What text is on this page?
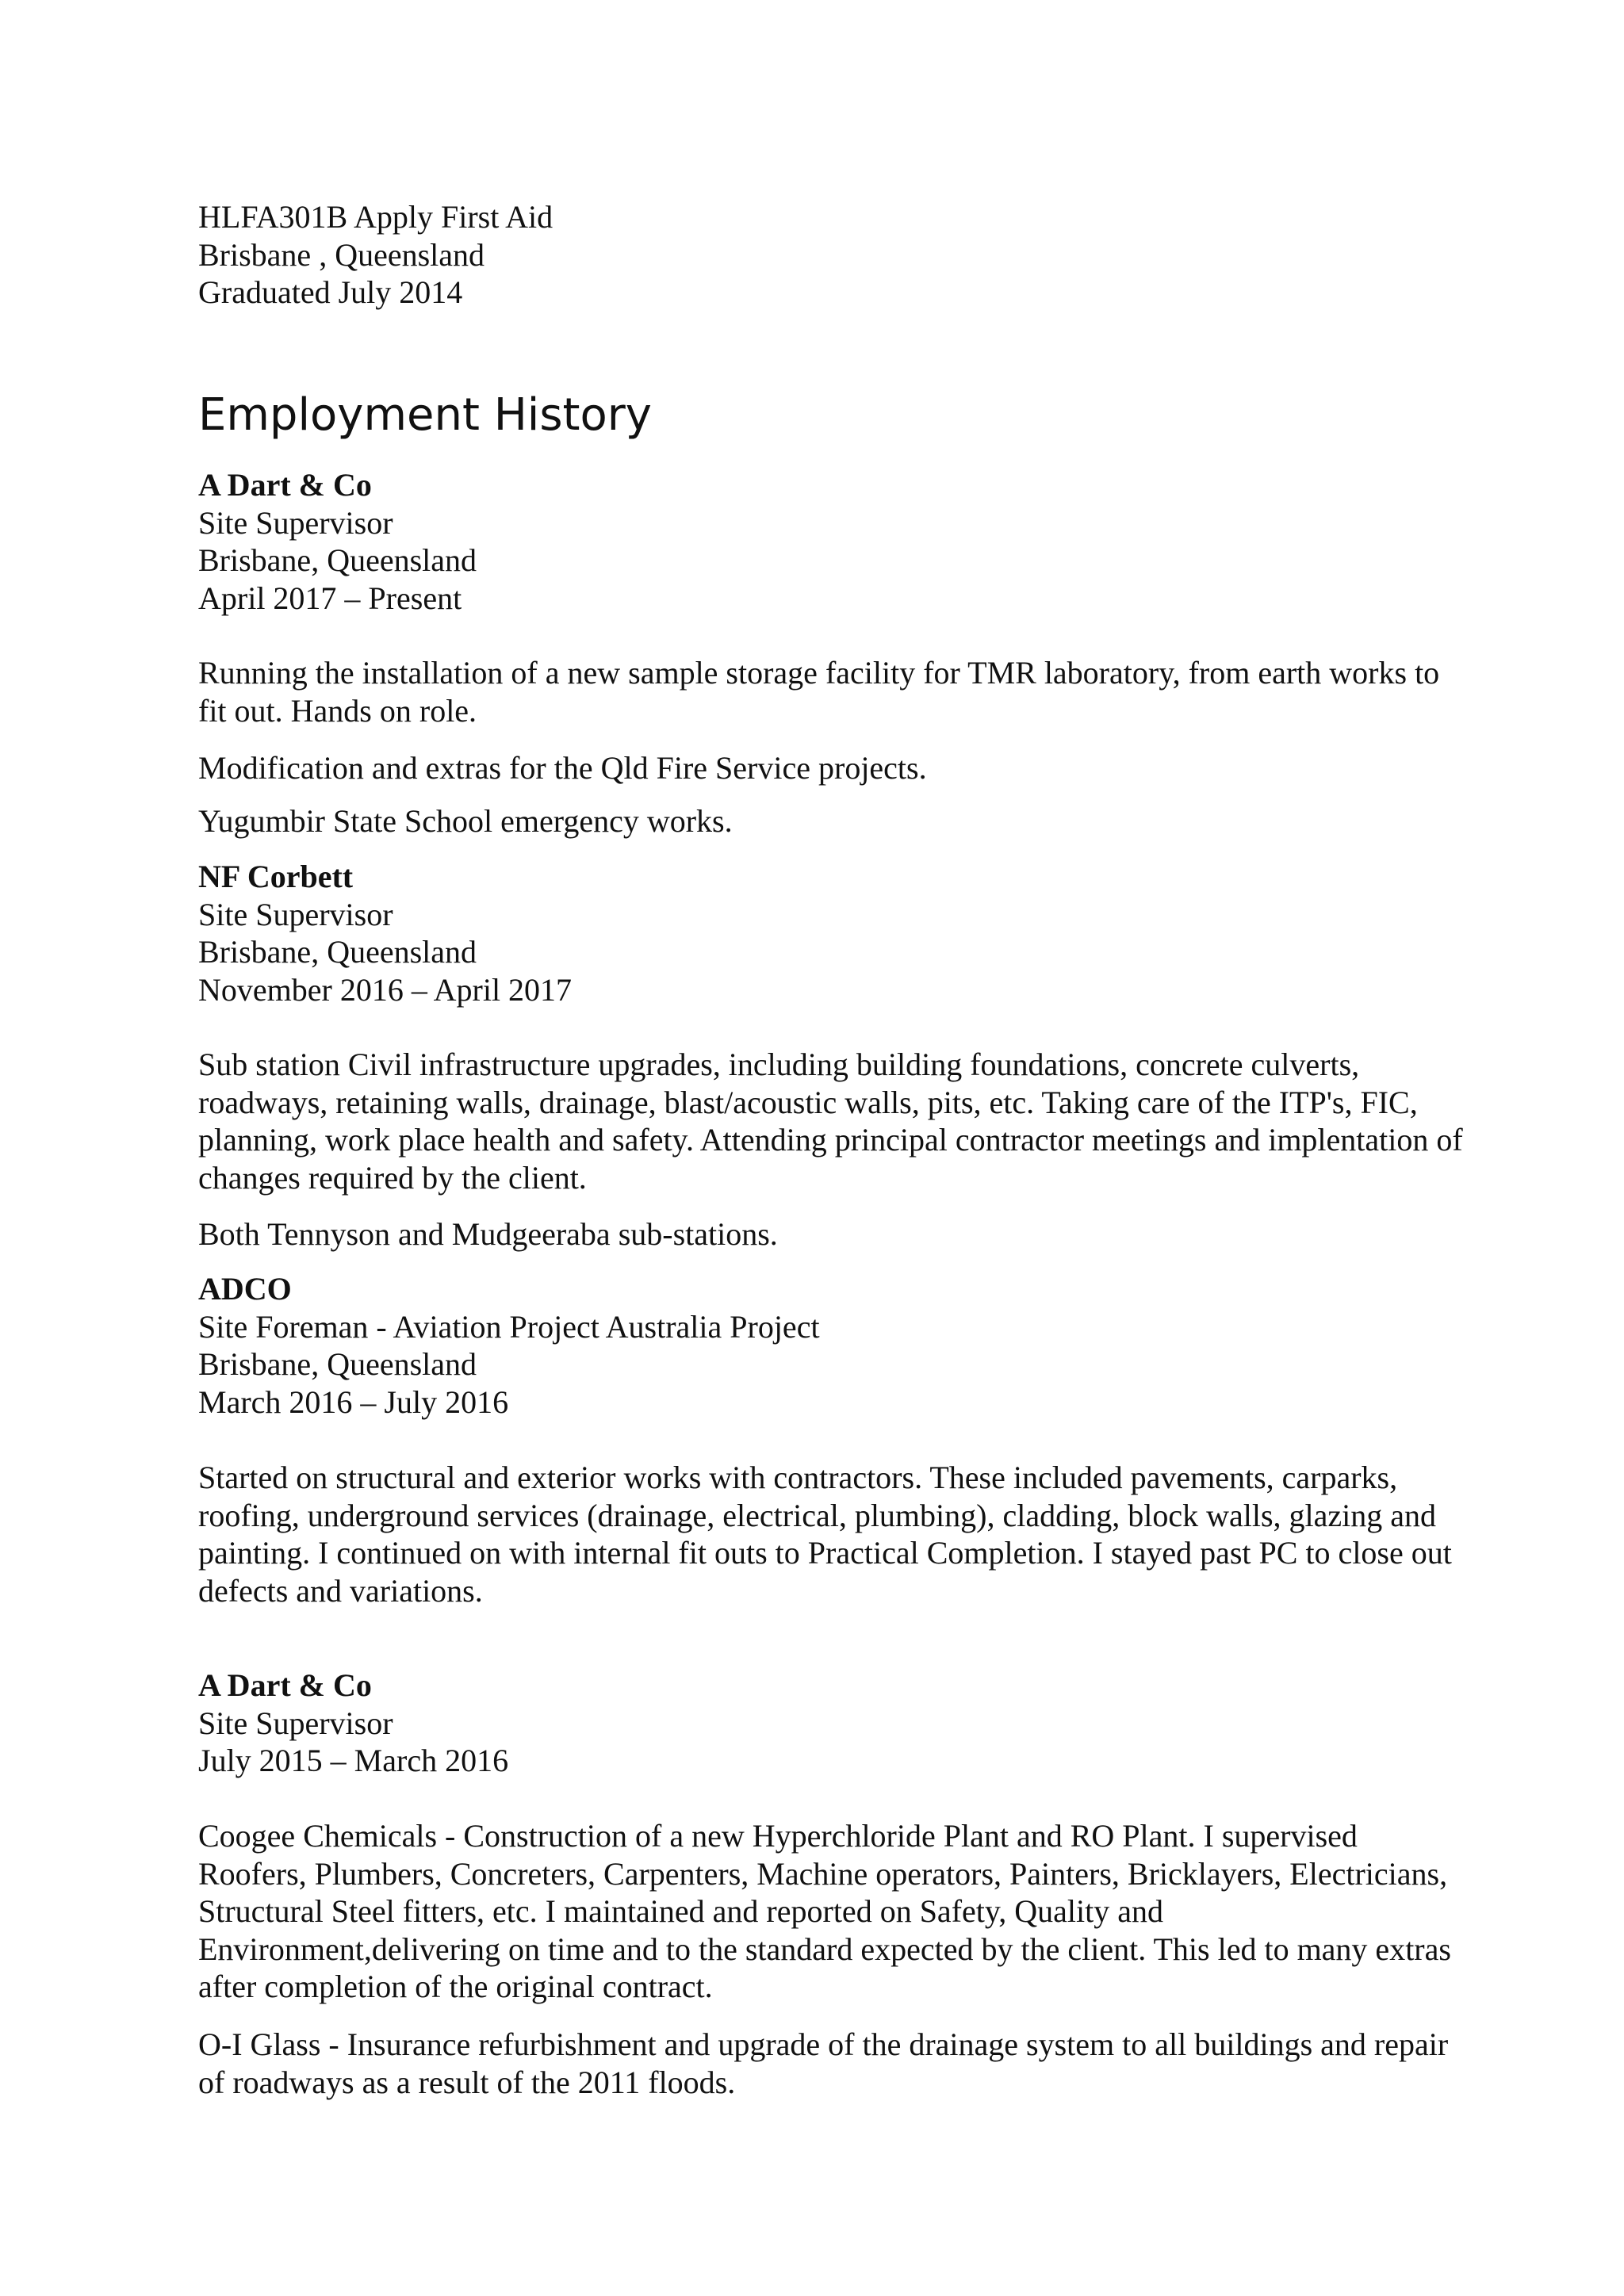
HLFA301B Apply First Aid
Brisbane , Queensland
Graduated July 2014
Employment History
A Dart & Co
Site Supervisor
Brisbane, Queensland
April 2017 – Present
Running the installation of a new sample storage facility for TMR laboratory, from earth works to fit out. Hands on role.
Modification and extras for the Qld Fire Service projects.
Yugumbir State School emergency works.
NF Corbett
Site Supervisor
Brisbane, Queensland
November 2016 – April 2017
Sub station Civil infrastructure upgrades, including building foundations, concrete culverts, roadways, retaining walls, drainage, blast/acoustic walls, pits, etc. Taking care of the ITP's, FIC, planning, work place health and safety. Attending principal contractor meetings and implentation of changes required by the client.
Both Tennyson and Mudgeeraba sub-stations.
ADCO
Site Foreman - Aviation Project Australia Project
Brisbane, Queensland
March 2016 – July 2016
Started on structural and exterior works with contractors. These included pavements, carparks, roofing, underground services (drainage, electrical, plumbing), cladding, block walls, glazing and painting. I continued on with internal fit outs to Practical Completion. I stayed past PC to close out defects and variations.
A Dart & Co
Site Supervisor
July 2015 – March 2016
Coogee Chemicals - Construction of a new Hyperchloride Plant and RO Plant. I supervised Roofers, Plumbers, Concreters, Carpenters, Machine operators, Painters, Bricklayers, Electricians, Structural Steel fitters, etc. I maintained and reported on Safety, Quality and Environment,delivering on time and to the standard expected by the client. This led to many extras after completion of the original contract.
O-I Glass - Insurance refurbishment and upgrade of the drainage system to all buildings and repair of roadways as a result of the 2011 floods.
